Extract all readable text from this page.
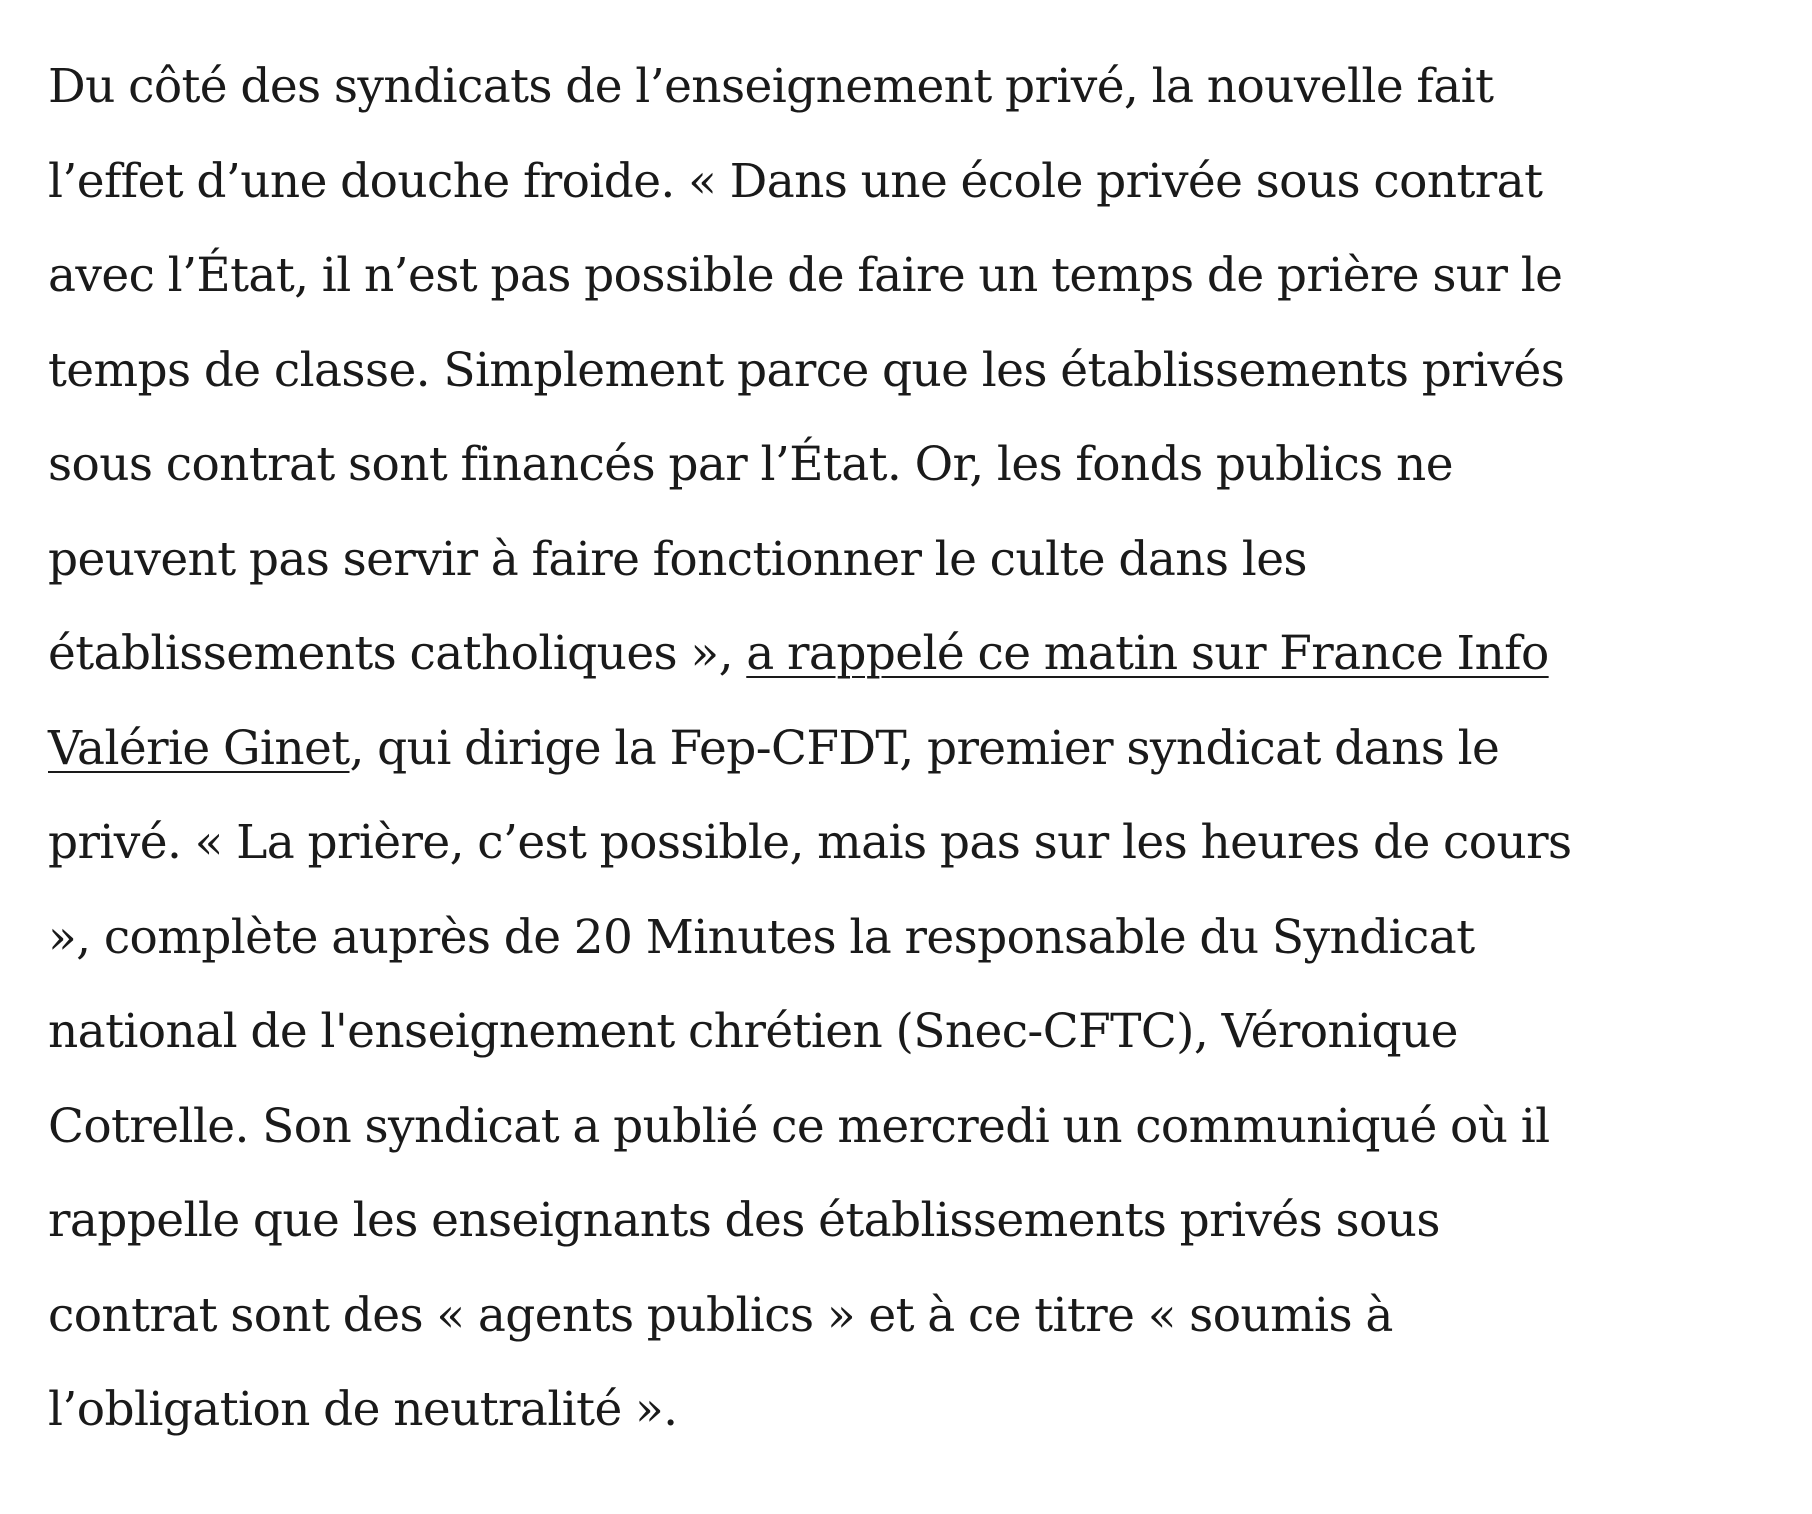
Du côté des syndicats de l’enseignement privé, la nouvelle fait
l’effet d’une douche froide. « Dans une école privée sous contrat
avec l’État, il n’est pas possible de faire un temps de prière sur le
temps de classe. Simplement parce que les établissements privés
sous contrat sont financés par l’État. Or, les fonds publics ne
peuvent pas servir à faire fonctionner le culte dans les
établissements catholiques », a rappelé ce matin sur France Info
Valérie Ginet, qui dirige la Fep-CFDT, premier syndicat dans le
privé. « La prière, c’est possible, mais pas sur les heures de cours
», complète auprès de 20 Minutes la responsable du Syndicat
national de l'enseignement chrétien (Snec-CFTC), Véronique
Cotrelle. Son syndicat a publié ce mercredi un communiqué où il
rappelle que les enseignants des établissements privés sous
contrat sont des « agents publics » et à ce titre « soumis à
l’obligation de neutralité ».
